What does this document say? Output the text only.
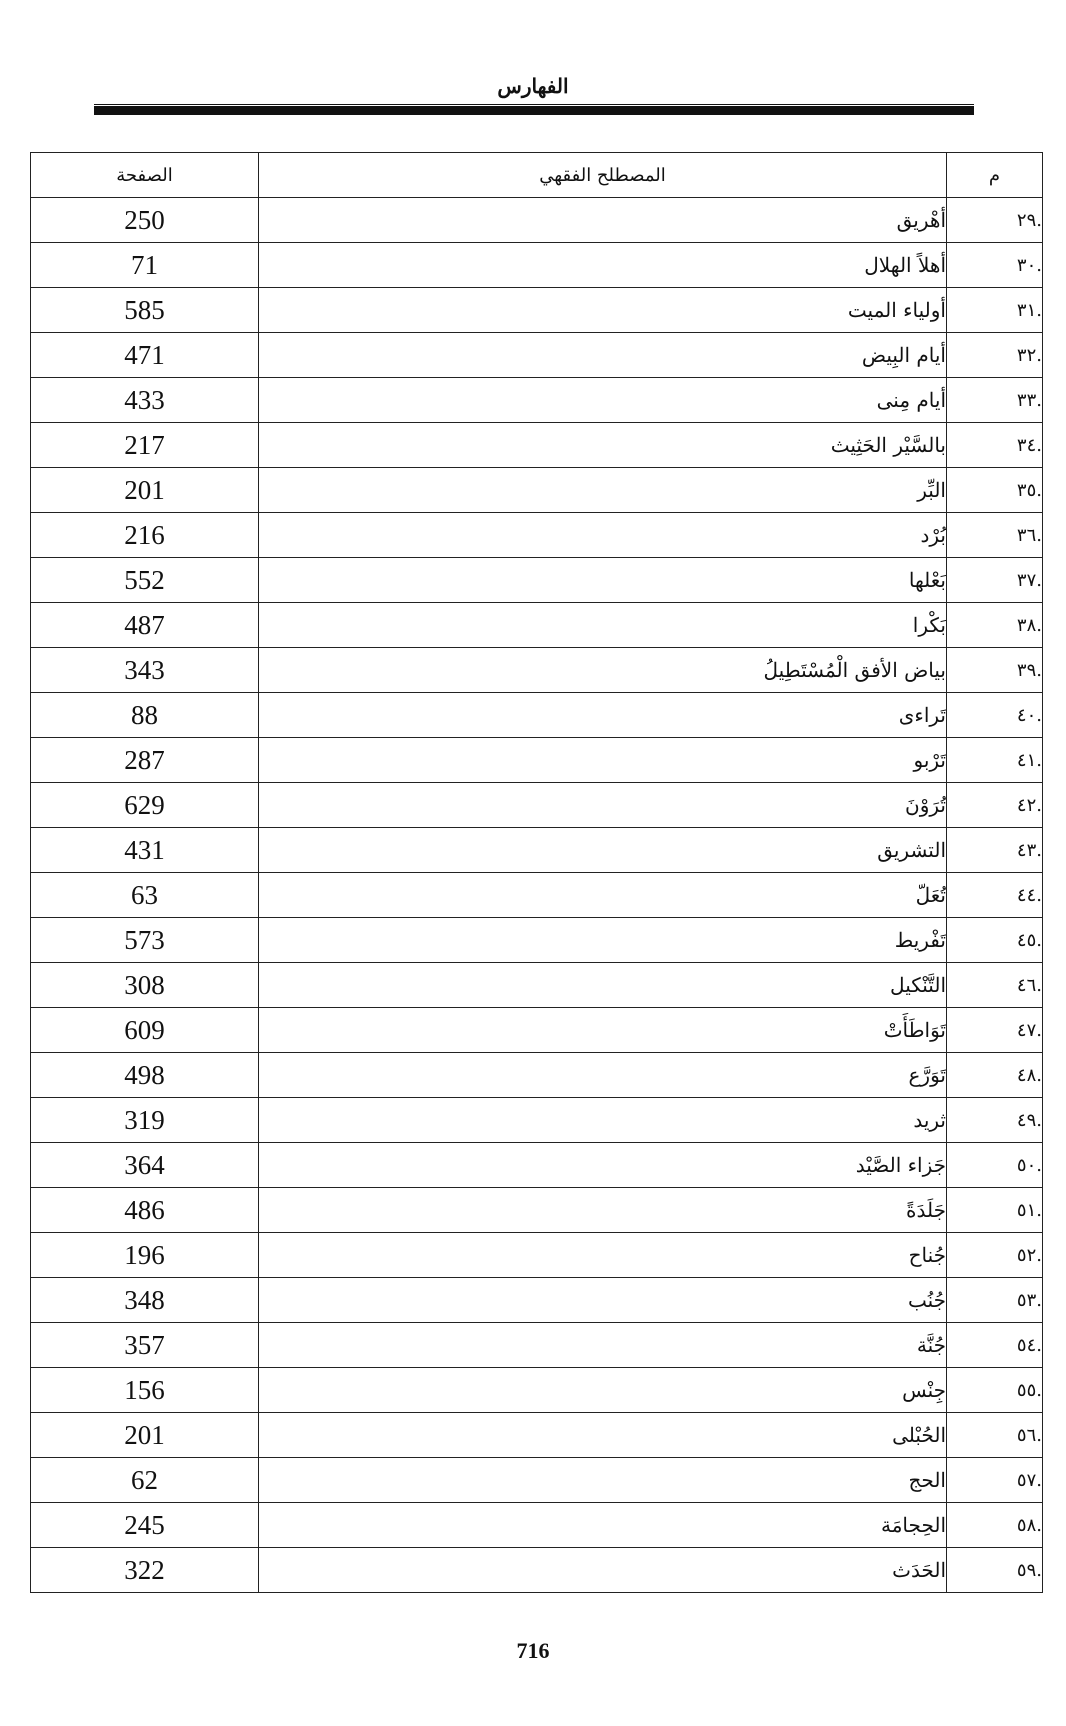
الفهارس
م	المصطلح الفقهي	الصفحة
.٢٩	أهْريق	250
.٣٠	أهلاً الهلال	71
.٣١	أولياء الميت	585
.٣٢	أيام البِيض	471
.٣٣	أيام مِنى	433
.٣٤	بالسَّيْر الحَثِيث	217
.٣٥	البِّر	201
.٣٦	بُرْد	216
.٣٧	بَعْلها	552
.٣٨	بَكْرا	487
.٣٩	بياض الأفق الْمُسْتَطِيلُ	343
.٤٠	تَراءى	88
.٤١	تَرْبو	287
.٤٢	تُرَوْنَ	629
.٤٣	التشريق	431
.٤٤	تُعَلّ	63
.٤٥	تَفْريط	573
.٤٦	التَّنْكيل	308
.٤٧	تَوَاطَأَتْ	609
.٤٨	تَوَرَّع	498
.٤٩	ثريد	319
.٥٠	جَزاء الصَّيْد	364
.٥١	جَلَدَةً	486
.٥٢	جُناح	196
.٥٣	جُنُب	348
.٥٤	جُنَّة	357
.٥٥	جِنْس	156
.٥٦	الحُبْلى	201
.٥٧	الحج	62
.٥٨	الحِجامَة	245
.٥٩	الحَدَث	322
716
